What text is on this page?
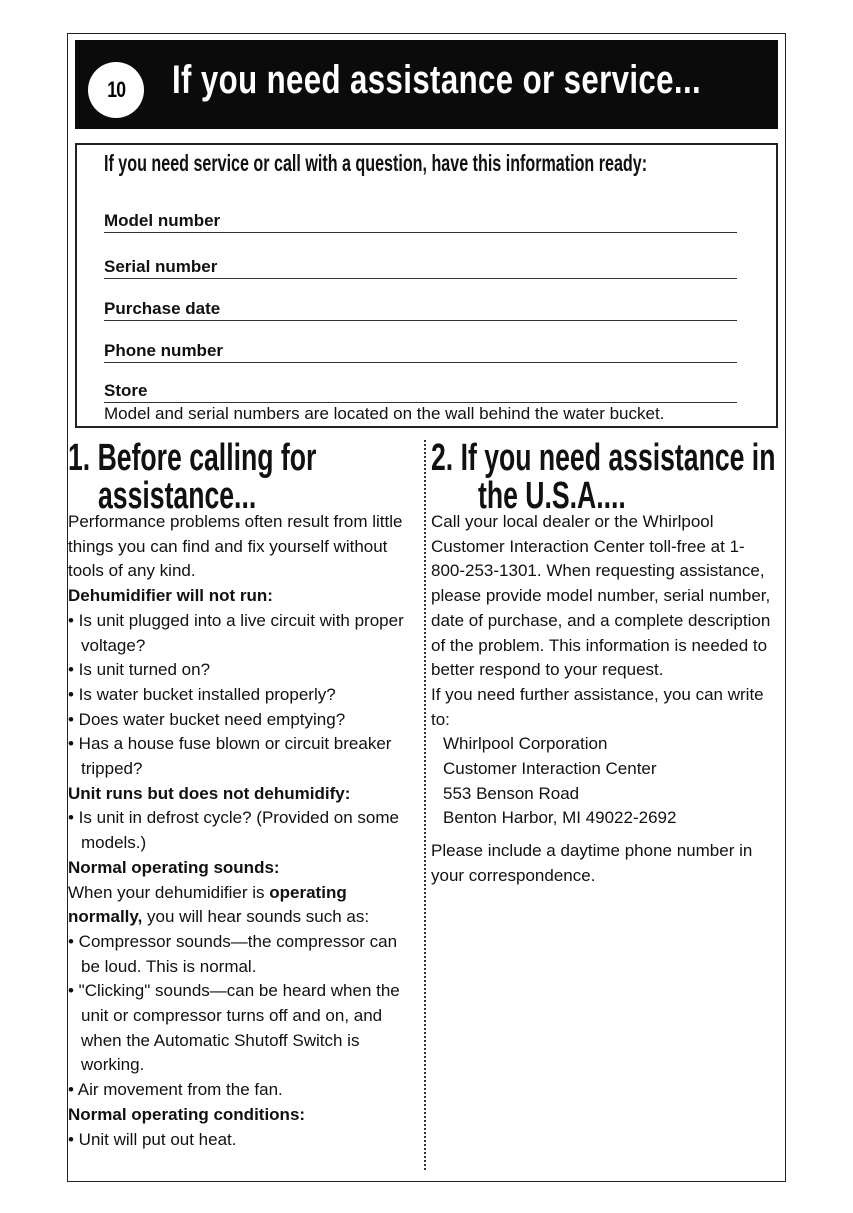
10 If you need assistance or service...
If you need service or call with a question, have this information ready:
Model number
Serial number
Purchase date
Phone number
Store
Model and serial numbers are located on the wall behind the water bucket.
1. Before calling for
assistance...

Performance problems often result from little things you can find and fix yourself without tools of any kind.

Dehumidifier will not run:

• Is unit plugged into a live circuit with proper voltage?

• Is unit turned on?

• Is water bucket installed properly?

• Does water bucket need emptying?

• Has a house fuse blown or circuit breaker tripped?

Unit runs but does not dehumidify:

• Is unit in defrost cycle? (Provided on some models.)

Normal operating sounds:

When your dehumidifier is operating normally, you will hear sounds such as:

• Compressor sounds—the compressor can be loud. This is normal.

• "Clicking" sounds—can be heard when the unit or compressor turns off and on, and when the Automatic Shutoff Switch is working.

• Air movement from the fan.

Normal operating conditions:

• Unit will put out heat.

2. If you need assistance in
the U.S.A....

Call your local dealer or the Whirlpool Customer Interaction Center toll-free at 1-800-253-1301. When requesting assistance, please provide model number, serial number, date of purchase, and a complete description of the problem. This information is needed to better respond to your request.

If you need further assistance, you can write to:

Whirlpool Corporation

Customer Interaction Center

553 Benson Road

Benton Harbor, MI 49022-2692

Please include a daytime phone number in your correspondence.
